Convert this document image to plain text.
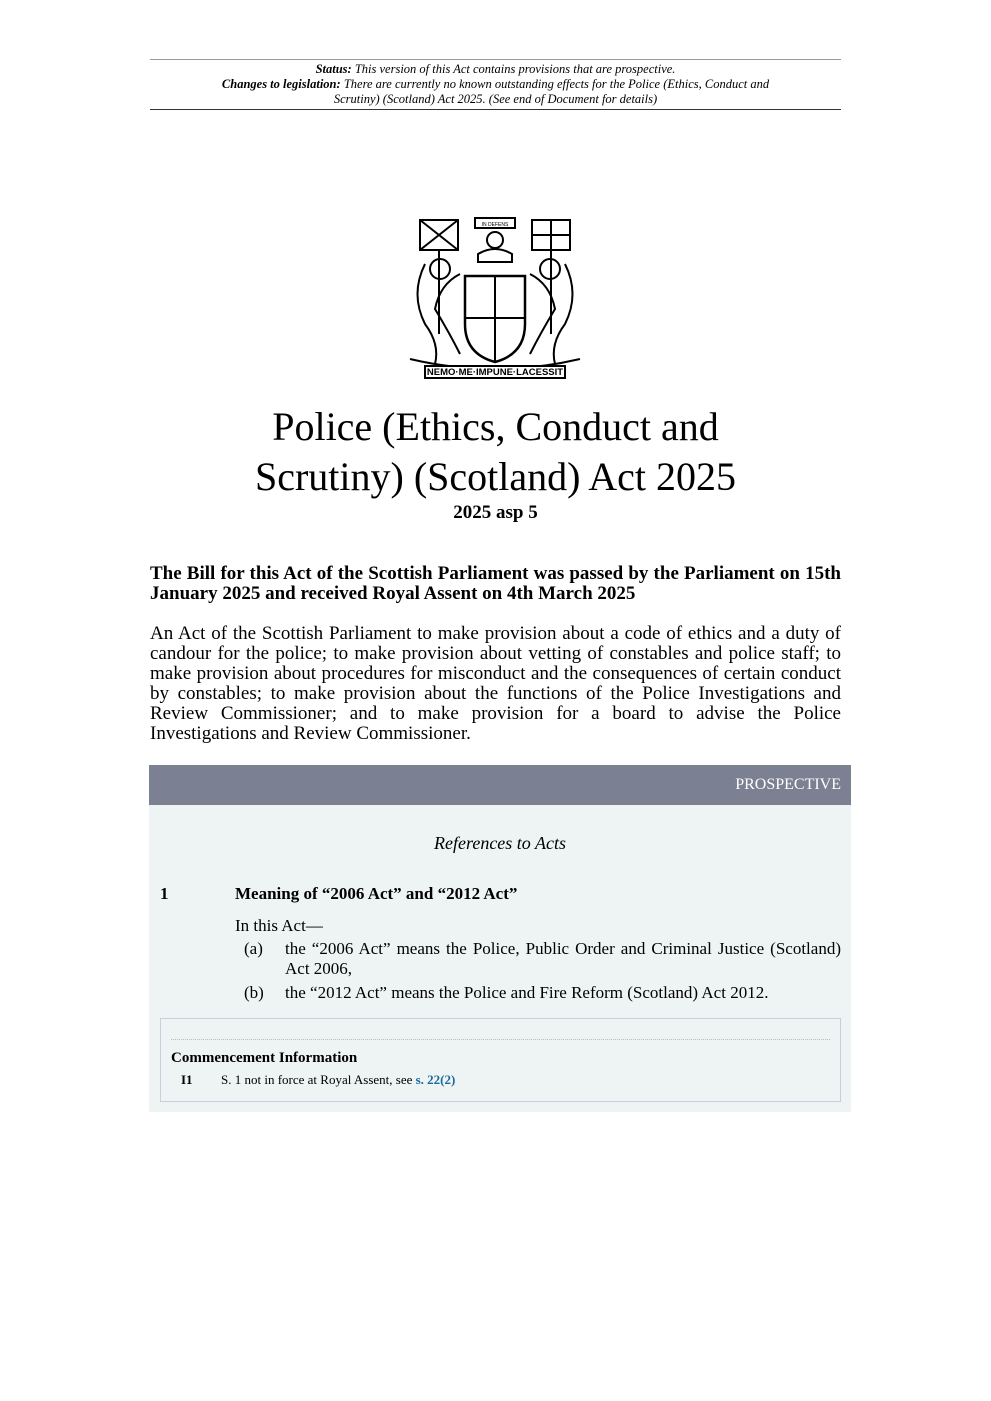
Status: This version of this Act contains provisions that are prospective.
Changes to legislation: There are currently no known outstanding effects for the Police (Ethics, Conduct and Scrutiny) (Scotland) Act 2025. (See end of Document for details)
NEMO·ME·IMPUNE·LACESSIT
IN DEFENS
Police (Ethics, Conduct and
Scrutiny) (Scotland) Act 2025
2025 asp 5
The Bill for this Act of the Scottish Parliament was passed by the Parliament on 15th January 2025 and received Royal Assent on 4th March 2025
An Act of the Scottish Parliament to make provision about a code of ethics and a duty of candour for the police; to make provision about vetting of constables and police staff; to make provision about procedures for misconduct and the consequences of certain conduct by constables; to make provision about the functions of the Police Investigations and Review Commissioner; and to make provision for a board to advise the Police Investigations and Review Commissioner.
PROSPECTIVE
References to Acts
1	Meaning of “2006 Act” and “2012 Act”
In this Act—
(a) the “2006 Act” means the Police, Public Order and Criminal Justice (Scotland) Act 2006,
(b) the “2012 Act” means the Police and Fire Reform (Scotland) Act 2012.
Commencement Information
I1 S. 1 not in force at Royal Assent, see s. 22(2)
